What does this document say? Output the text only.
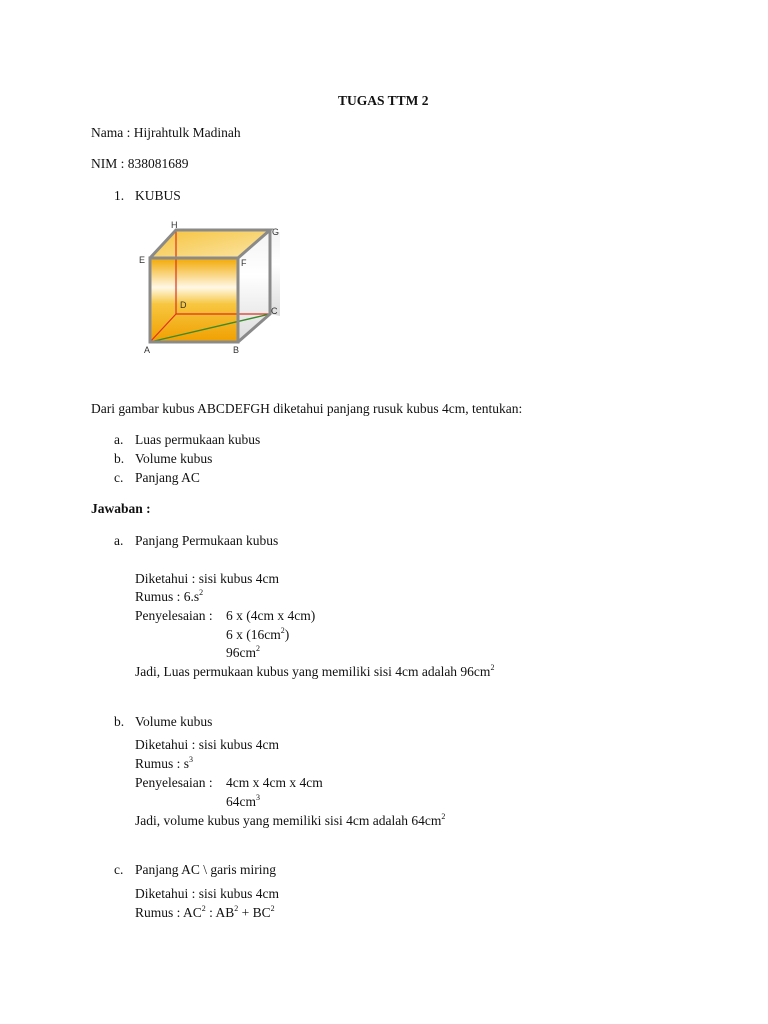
TUGAS TTM 2
Nama : Hijrahtulk Madinah
NIM : 838081689
1. KUBUS
A	B
C
D
E	F
G
H
Dari gambar kubus ABCDEFGH diketahui panjang rusuk kubus 4cm, tentukan:
a. Luas permukaan kubus
b. Volume kubus
c. Panjang AC
Jawaban :
a. Panjang Permukaan kubus
Diketahui : sisi kubus 4cm
Rumus : $6.s^2$
Penyelesaian : 6 x (4cm x 4cm)
6 x $(16cm^2)$
$96cm^2$
Jadi, Luas permukaan kubus yang memiliki sisi 4cm adalah $96cm^2$
b. Volume kubus
Diketahui : sisi kubus 4cm
Rumus : $s^3$
Penyelesaian : 4cm x 4cm x 4cm
$64cm^3$
Jadi, volume kubus yang memiliki sisi 4cm adalah $64cm^2$
c. Panjang AC \ garis miring
Diketahui : sisi kubus 4cm
Rumus : $AC^2$ : $AB^2 + BC^2$
